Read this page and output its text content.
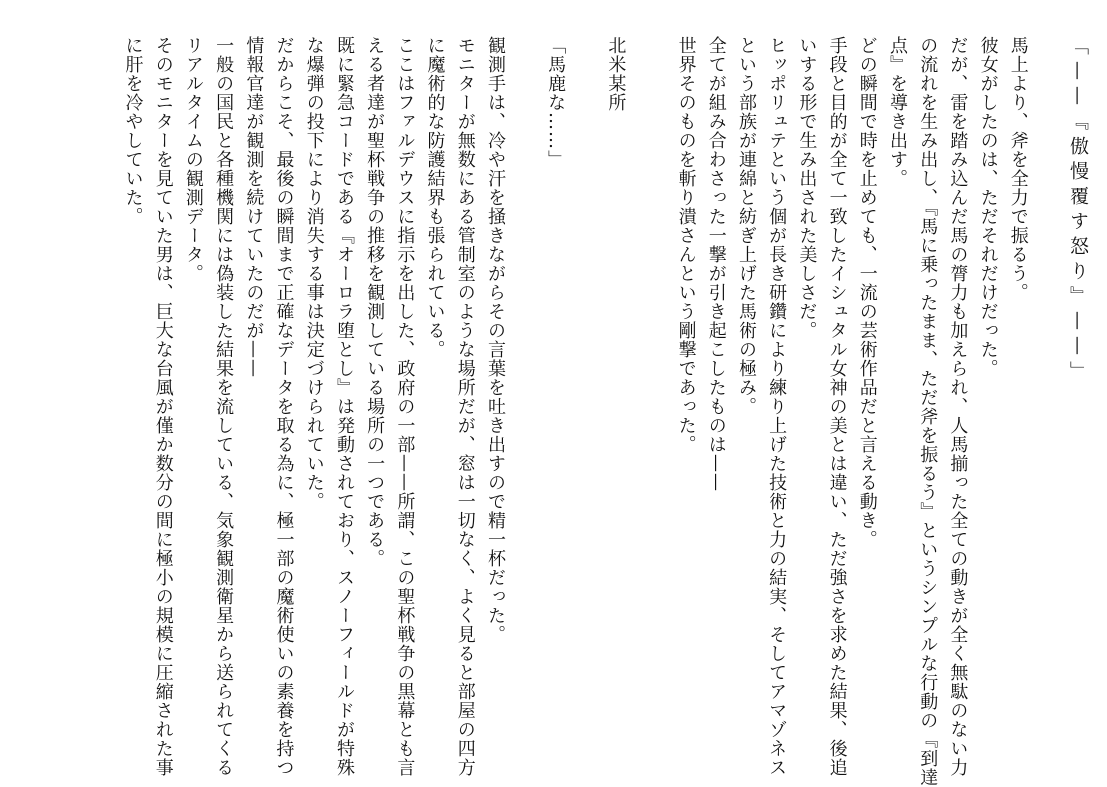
「——『傲慢覆す怒り』——」
馬上より、斧を全力で振るう。
彼女がしたのは、ただそれだけだった。
だが、雷を踏み込んだ馬の膂力も加えられ、人馬揃った全ての動きが全く無駄のない力
の流れを生み出し、『馬に乗ったまま、ただ斧を振るう』というシンプルな行動の『到達
点』を導き出す。
どの瞬間で時を止めても、一流の芸術作品だと言える動き。
手段と目的が全て一致したイシュタル女神の美とは違い、ただ強さを求めた結果、後追
いする形で生み出された美しさだ。
ヒッポリュテという個が長き研鑽により練り上げた技術と力の結実、そしてアマゾネス
という部族が連綿と紡ぎ上げた馬術の極み。
全てが組み合わさった一撃が引き起こしたものは——
世界そのものを斬り潰さんという剛撃であった。
北米某所
「馬鹿な……」
観測手は、冷や汗を掻きながらその言葉を吐き出すので精一杯だった。
モニターが無数にある管制室のような場所だが、窓は一切なく、よく見ると部屋の四方
に魔術的な防護結界も張られている。
ここはファルデウスに指示を出した、政府の一部——所謂、この聖杯戦争の黒幕とも言
える者達が聖杯戦争の推移を観測している場所の一つである。
既に緊急コードである『オーロラ堕とし』は発動されており、スノーフィールドが特殊
な爆弾の投下により消失する事は決定づけられていた。
だからこそ、最後の瞬間まで正確なデータを取る為に、極一部の魔術使いの素養を持つ
情報官達が観測を続けていたのだが——
一般の国民と各種機関には偽装した結果を流している、気象観測衛星から送られてくる
リアルタイムの観測データ。
そのモニターを見ていた男は、巨大な台風が僅か数分の間に極小の規模に圧縮された事
に肝を冷やしていた。
